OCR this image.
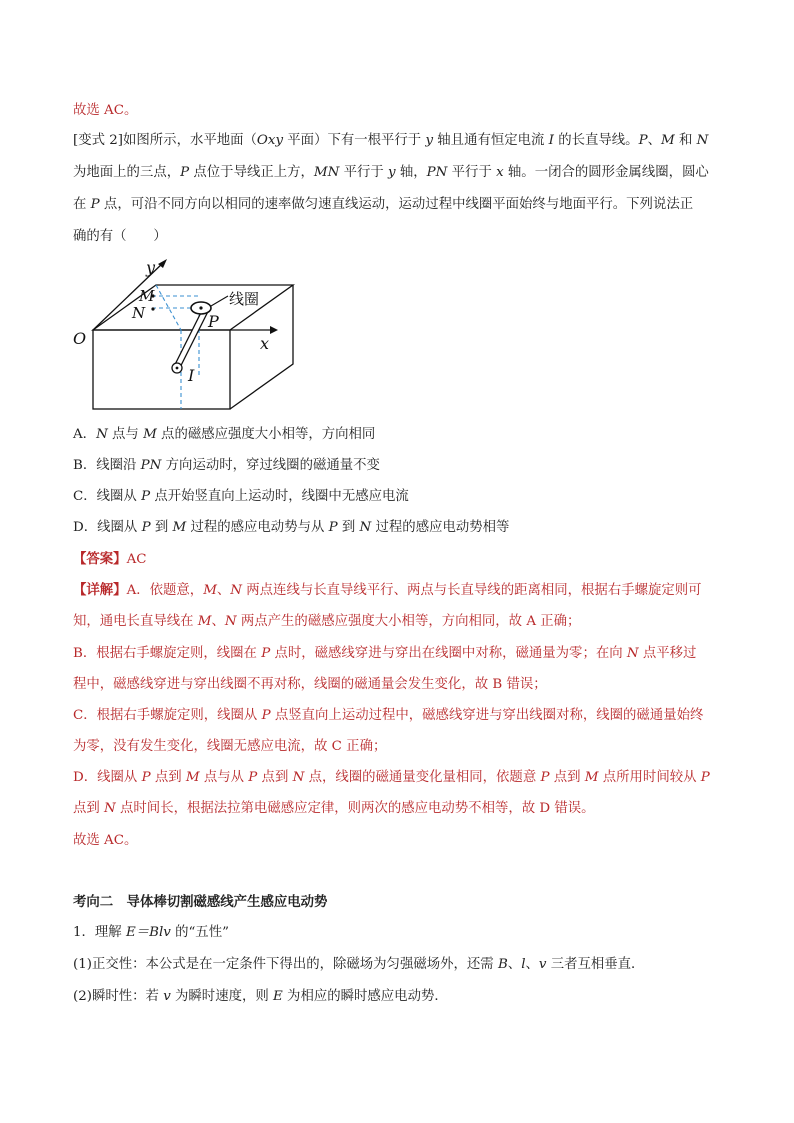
故选 AC。
[变式 2]如图所示，水平地面（Oxy 平面）下有一根平行于 y 轴且通有恒定电流 I 的长直导线。P、M 和 N
为地面上的三点，P 点位于导线正上方，MN 平行于 y 轴，PN 平行于 x 轴。一闭合的圆形金属线圈，圆心
在 P 点，可沿不同方向以相同的速率做匀速直线运动，运动过程中线圈平面始终与地面平行。下列说法正
确的有（　　）
A．N 点与 M 点的磁感应强度大小相等，方向相同
B．线圈沿 PN 方向运动时，穿过线圈的磁通量不变
C．线圈从 P 点开始竖直向上运动时，线圈中无感应电流
D．线圈从 P 到 M 过程的感应电动势与从 P 到 N 过程的感应电动势相等
【答案】AC
【详解】A．依题意，M、N 两点连线与长直导线平行、两点与长直导线的距离相同，根据右手螺旋定则可
知，通电长直导线在 M、N 两点产生的磁感应强度大小相等，方向相同，故 A 正确；
B．根据右手螺旋定则，线圈在 P 点时，磁感线穿进与穿出在线圈中对称，磁通量为零；在向 N 点平移过
程中，磁感线穿进与穿出线圈不再对称，线圈的磁通量会发生变化，故 B 错误；
C．根据右手螺旋定则，线圈从 P 点竖直向上运动过程中，磁感线穿进与穿出线圈对称，线圈的磁通量始终
为零，没有发生变化，线圈无感应电流，故 C 正确；
D．线圈从 P 点到 M 点与从 P 点到 N 点，线圈的磁通量变化量相同，依题意 P 点到 M 点所用时间较从 P
点到 N 点时间长，根据法拉第电磁感应定律，则两次的感应电动势不相等，故 D 错误。
故选 AC。
考向二　导体棒切割磁感线产生感应电动势
1．理解 E＝Blv 的“五性”
(1)正交性：本公式是在一定条件下得出的，除磁场为匀强磁场外，还需 B、l、v 三者互相垂直．
(2)瞬时性：若 v 为瞬时速度，则 E 为相应的瞬时感应电动势．
y
x
O
M
N	P
I
线圈
